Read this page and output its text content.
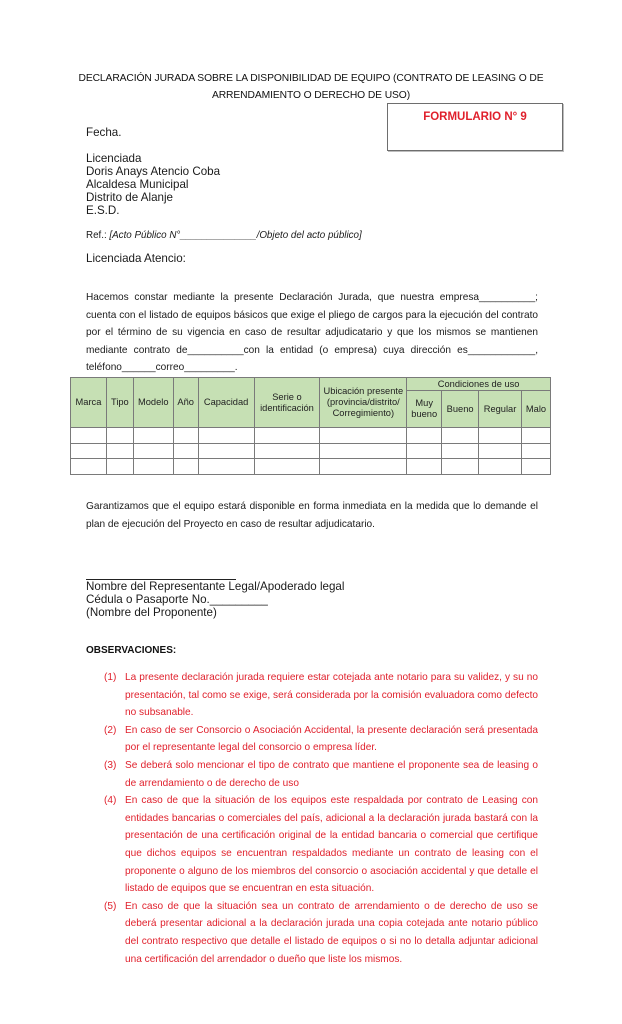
DECLARACIÓN JURADA SOBRE LA DISPONIBILIDAD DE EQUIPO (CONTRATO DE LEASING O DE
ARRENDAMIENTO O DERECHO DE USO)
FORMULARIO N° 9
Fecha.
Licenciada
Doris Anays Atencio Coba
Alcaldesa Municipal
Distrito de Alanje
E.S.D.
Ref.: [Acto Público N°______________/Objeto del acto público]
Licenciada Atencio:
Hacemos constar mediante la presente Declaración Jurada, que nuestra empresa__________; cuenta con el listado de equipos básicos que exige el pliego de cargos para la ejecución del contrato por el término de su vigencia en caso de resultar adjudicatario y que los mismos se mantienen mediante contrato de__________con la entidad (o empresa) cuya dirección es____________, teléfono______correo_________.
Marca	Tipo	Modelo	Año	Capacidad	Serie o identificación	Ubicación presente (provincia/distrito/ Corregimiento)	Condiciones de uso			
							Muy bueno	Bueno	Regular	Malo

Garantizamos que el equipo estará disponible en forma inmediata en la medida que lo demande el plan de ejecución del Proyecto en caso de resultar adjudicatario.
Nombre del Representante Legal/Apoderado legal
Cédula o Pasaporte No._________
(Nombre del Proponente)
OBSERVACIONES:
(1) La presente declaración jurada requiere estar cotejada ante notario para su validez, y su no presentación, tal como se exige, será considerada por la comisión evaluadora como defecto no subsanable.
(2) En caso de ser Consorcio o Asociación Accidental, la presente declaración será presentada por el representante legal del consorcio o empresa líder.
(3) Se deberá solo mencionar el tipo de contrato que mantiene el proponente sea de leasing o de arrendamiento o de derecho de uso
(4) En caso de que la situación de los equipos este respaldada por contrato de Leasing con entidades bancarias o comerciales del país, adicional a la declaración jurada bastará con la presentación de una certificación original de la entidad bancaria o comercial que certifique que dichos equipos se encuentran respaldados mediante un contrato de leasing con el proponente o alguno de los miembros del consorcio o asociación accidental y que detalle el listado de equipos que se encuentran en esta situación.
(5) En caso de que la situación sea un contrato de arrendamiento o de derecho de uso se deberá presentar adicional a la declaración jurada una copia cotejada ante notario público del contrato respectivo que detalle el listado de equipos o si no lo detalla adjuntar adicional una certificación del arrendador o dueño que liste los mismos.
